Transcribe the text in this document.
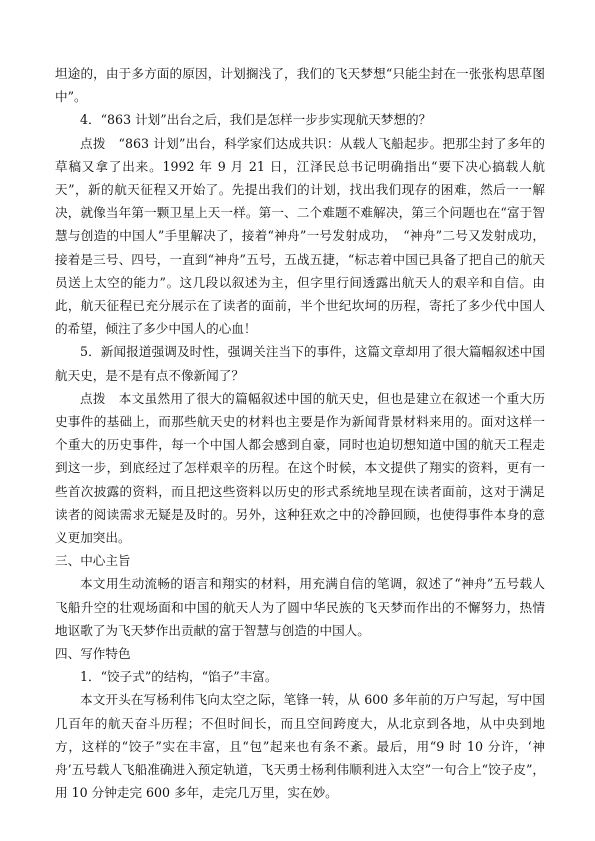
坦途的，由于多方面的原因，计划搁浅了，我们的飞天梦想“只能尘封在一张张构思草图中”。

4．“863 计划”出台之后，我们是怎样一步步实现航天梦想的？

点拨　“863 计划”出台，科学家们达成共识：从载人飞船起步。把那尘封了多年的草稿又拿了出来。1992 年 9 月 21 日，江泽民总书记明确指出“要下决心搞载人航天”，新的航天征程又开始了。先提出我们的计划，找出我们现存的困难，然后一一解决，就像当年第一颗卫星上天一样。第一、二个难题不难解决，第三个问题也在“富于智慧与创造的中国人”手里解决了，接着“神舟”一号发射成功，　“神舟”二号又发射成功，接着是三号、四号，一直到“神舟”五号，五战五捷，“标志着中国已具备了把自己的航天员送上太空的能力”。这几段以叙述为主，但字里行间透露出航天人的艰辛和自信。由此，航天征程已充分展示在了读者的面前，半个世纪坎坷的历程，寄托了多少代中国人的希望，倾注了多少中国人的心血！

5．新闻报道强调及时性，强调关注当下的事件，这篇文章却用了很大篇幅叙述中国航天史，是不是有点不像新闻了？

点拨　本文虽然用了很大的篇幅叙述中国的航天史，但也是建立在叙述一个重大历史事件的基础上，而那些航天史的材料也主要是作为新闻背景材料来用的。面对这样一个重大的历史事件，每一个中国人都会感到自豪，同时也迫切想知道中国的航天工程走到这一步，到底经过了怎样艰辛的历程。在这个时候，本文提供了翔实的资料，更有一些首次披露的资料，而且把这些资料以历史的形式系统地呈现在读者面前，这对于满足读者的阅读需求无疑是及时的。另外，这种狂欢之中的冷静回顾，也使得事件本身的意义更加突出。

三、中心主旨

本文用生动流畅的语言和翔实的材料，用充满自信的笔调，叙述了“神舟”五号载人飞船升空的壮观场面和中国的航天人为了圆中华民族的飞天梦而作出的不懈努力，热情地讴歌了为飞天梦作出贡献的富于智慧与创造的中国人。

四、写作特色

1．“饺子式”的结构，“馅子”丰富。

本文开头在写杨利伟飞向太空之际，笔锋一转，从 600 多年前的万户写起，写中国几百年的航天奋斗历程；不但时间长，而且空间跨度大，从北京到各地，从中央到地方，这样的“饺子”实在丰富，且“包”起来也有条不紊。最后，用“9 时 10 分许，‘神舟’五号载人飞船准确进入预定轨道，飞天勇士杨利伟顺利进入太空”一句合上“饺子皮”，用 10 分钟走完 600 多年，走完几万里，实在妙。
